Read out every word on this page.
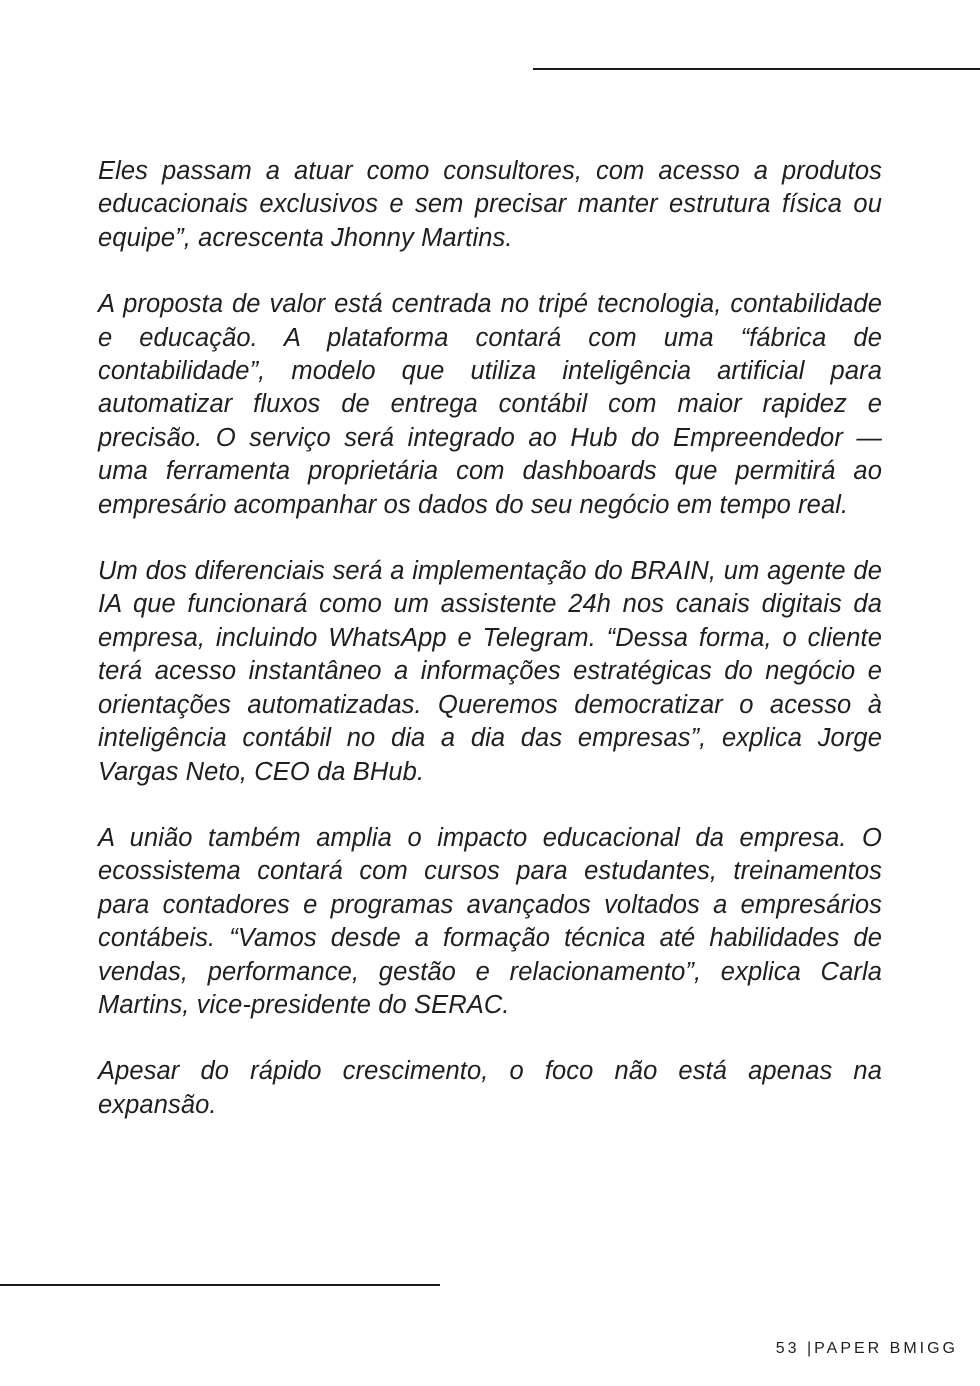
Eles passam a atuar como consultores, com acesso a produtos educacionais exclusivos e sem precisar manter estrutura física ou equipe”, acrescenta Jhonny Martins.

A proposta de valor está centrada no tripé tecnologia, contabilidade e educação. A plataforma contará com uma “fábrica de contabilidade”, modelo que utiliza inteligência artificial para automatizar fluxos de entrega contábil com maior rapidez e precisão. O serviço será integrado ao Hub do Empreendedor — uma ferramenta proprietária com dashboards que permitirá ao empresário acompanhar os dados do seu negócio em tempo real.

Um dos diferenciais será a implementação do BRAIN, um agente de IA que funcionará como um assistente 24h nos canais digitais da empresa, incluindo WhatsApp e Telegram. “Dessa forma, o cliente terá acesso instantâneo a informações estratégicas do negócio e orientações automatizadas. Queremos democratizar o acesso à inteligência contábil no dia a dia das empresas”, explica Jorge Vargas Neto, CEO da BHub.

A união também amplia o impacto educacional da empresa. O ecossistema contará com cursos para estudantes, treinamentos para contadores e programas avançados voltados a empresários contábeis. “Vamos desde a formação técnica até habilidades de vendas, performance, gestão e relacionamento”, explica Carla Martins, vice-presidente do SERAC.

Apesar do rápido crescimento, o foco não está apenas na expansão.

53 |PAPER BMIGG
